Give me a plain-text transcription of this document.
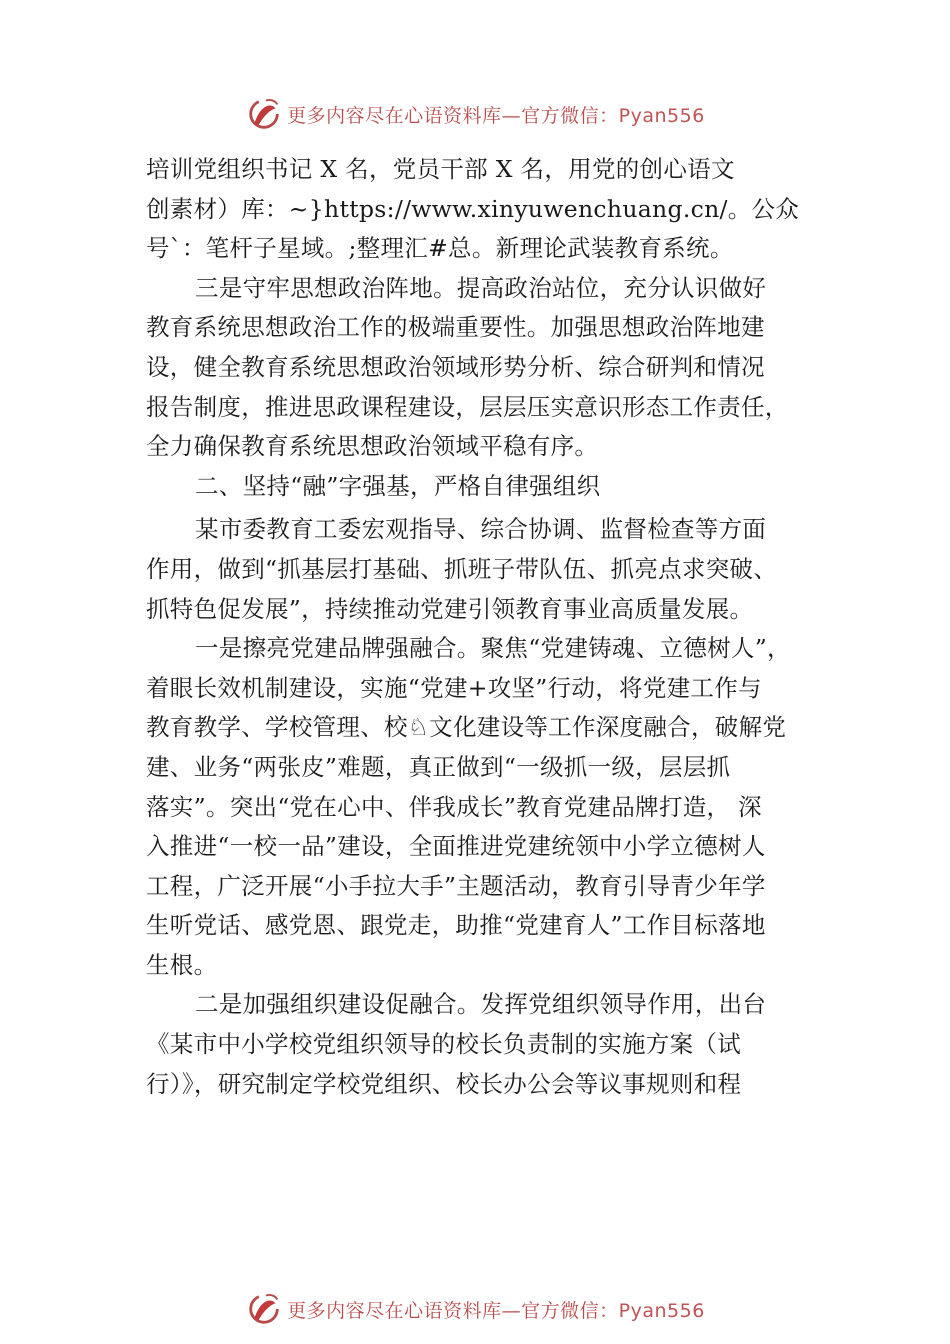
更多内容尽在心语资料库—官方微信：Pyan556
培训党组织书记 X 名，党员干部 X 名，用党的创心语文
创素材）库：~}https://www.xinyuwenchuang.cn/。公众
号`：笔杆子星域。;整理汇#总。新理论武装教育系统。
三是守牢思想政治阵地。提高政治站位，充分认识做好
教育系统思想政治工作的极端重要性。加强思想政治阵地建
设，健全教育系统思想政治领域形势分析、综合研判和情况
报告制度，推进思政课程建设，层层压实意识形态工作责任，
全力确保教育系统思想政治领域平稳有序。
二、坚持“融”字强基，严格自律强组织
某市委教育工委宏观指导、综合协调、监督检查等方面
作用，做到“抓基层打基础、抓班子带队伍、抓亮点求突破、
抓特色促发展”，持续推动党建引领教育事业高质量发展。
一是擦亮党建品牌强融合。聚焦“党建铸魂、立德树人”，
着眼长效机制建设，实施“党建+攻坚”行动，将党建工作与
教育教学、学校管理、校♘文化建设等工作深度融合，破解党
建、业务“两张皮”难题，真正做到“一级抓一级，层层抓
落实”。突出“党在心中、伴我成长”教育党建品牌打造， 深
入推进“一校一品”建设，全面推进党建统领中小学立德树人
工程，广泛开展“小手拉大手”主题活动，教育引导青少年学
生听党话、感党恩、跟党走，助推“党建育人”工作目标落地
生根。
二是加强组织建设促融合。发挥党组织领导作用，出台
《某市中小学校党组织领导的校长负责制的实施方案（试
行）》，研究制定学校党组织、校长办公会等议事规则和程
更多内容尽在心语资料库—官方微信：Pyan556
